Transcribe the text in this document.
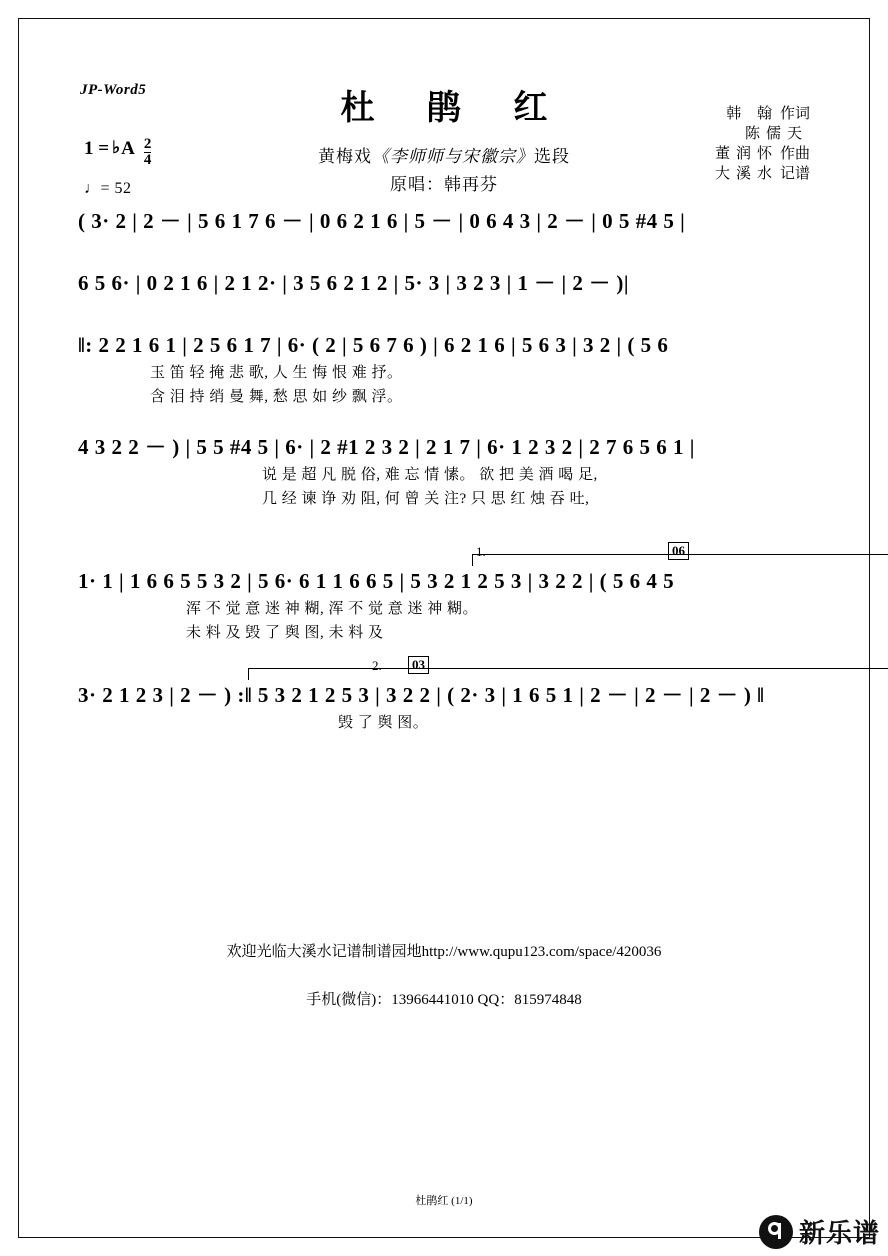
JP-Word5	杜 鹃 红
黄梅戏《李师师与宋徽宗》选段
原唱：韩再芬
1 = ♭ A $\frac{2}{4}$
♩= 52
韩 翰 作词
陈儒天
董润怀 作曲
大溪水 记谱
( 3· 2 | 2 － | 5 6 1 7 6 － | 0 6 2 1 6 | 5 － | 0 6 4 3 | 2 － | 0 5 #4 5 |
6 5 6· | 0 2 1 6 | 2 1 2· | 3 5 6 2 1 2 | 5· 3 | 3 2 3 | 1 － | 2 － )|
‖: 2 2 1 6 1 | 2 5 6 1 7 | 6· ( 2 | 5 6 7 6 ) | 6 2 1 6 | 5 6 3 | 3 2 | ( 5 6
玉 笛 轻 掩 悲 歌, 人 生 悔 恨 难 抒。
含 泪 持 绡 曼 舞, 愁 思 如 纱 飘 浮。
4 3 2 2 － ) | 5 5 #4 5 | 6· | 2 #1 2 3 2 | 2 1 7 | 6· 1 2 3 2 | 2 7 6 5 6 1 |
说 是 超 凡 脱 俗, 难 忘 情 愫。 欲 把 美 酒 喝 足,
几 经 谏 诤 劝 阻, 何 曾 关 注? 只 思 红 烛 吞 吐,
1.	06
1· 1 | 1 6 6 5 5 3 2 | 5 6· 6 1 1 6 6 5 | 5 3 2 1 2 5 3 | 3 2 2 | ( 5 6 4 5
浑 不 觉 意 迷 神 糊, 浑 不 觉 意 迷 神 糊。
未 料 及 毁 了 舆 图, 未 料 及
2.	03
3· 2 1 2 3 | 2 － ) :‖ 5 3 2 1 2 5 3 | 3 2 2 | ( 2· 3 | 1 6 5 1 | 2 － | 2 － | 2 － ) ‖
毁 了 舆 图。
欢迎光临大溪水记谱制谱园地http://www.qupu123.com/space/420036
手机(微信)：13966441010 QQ：815974848
杜鹃红 (1/1)
新乐谱
